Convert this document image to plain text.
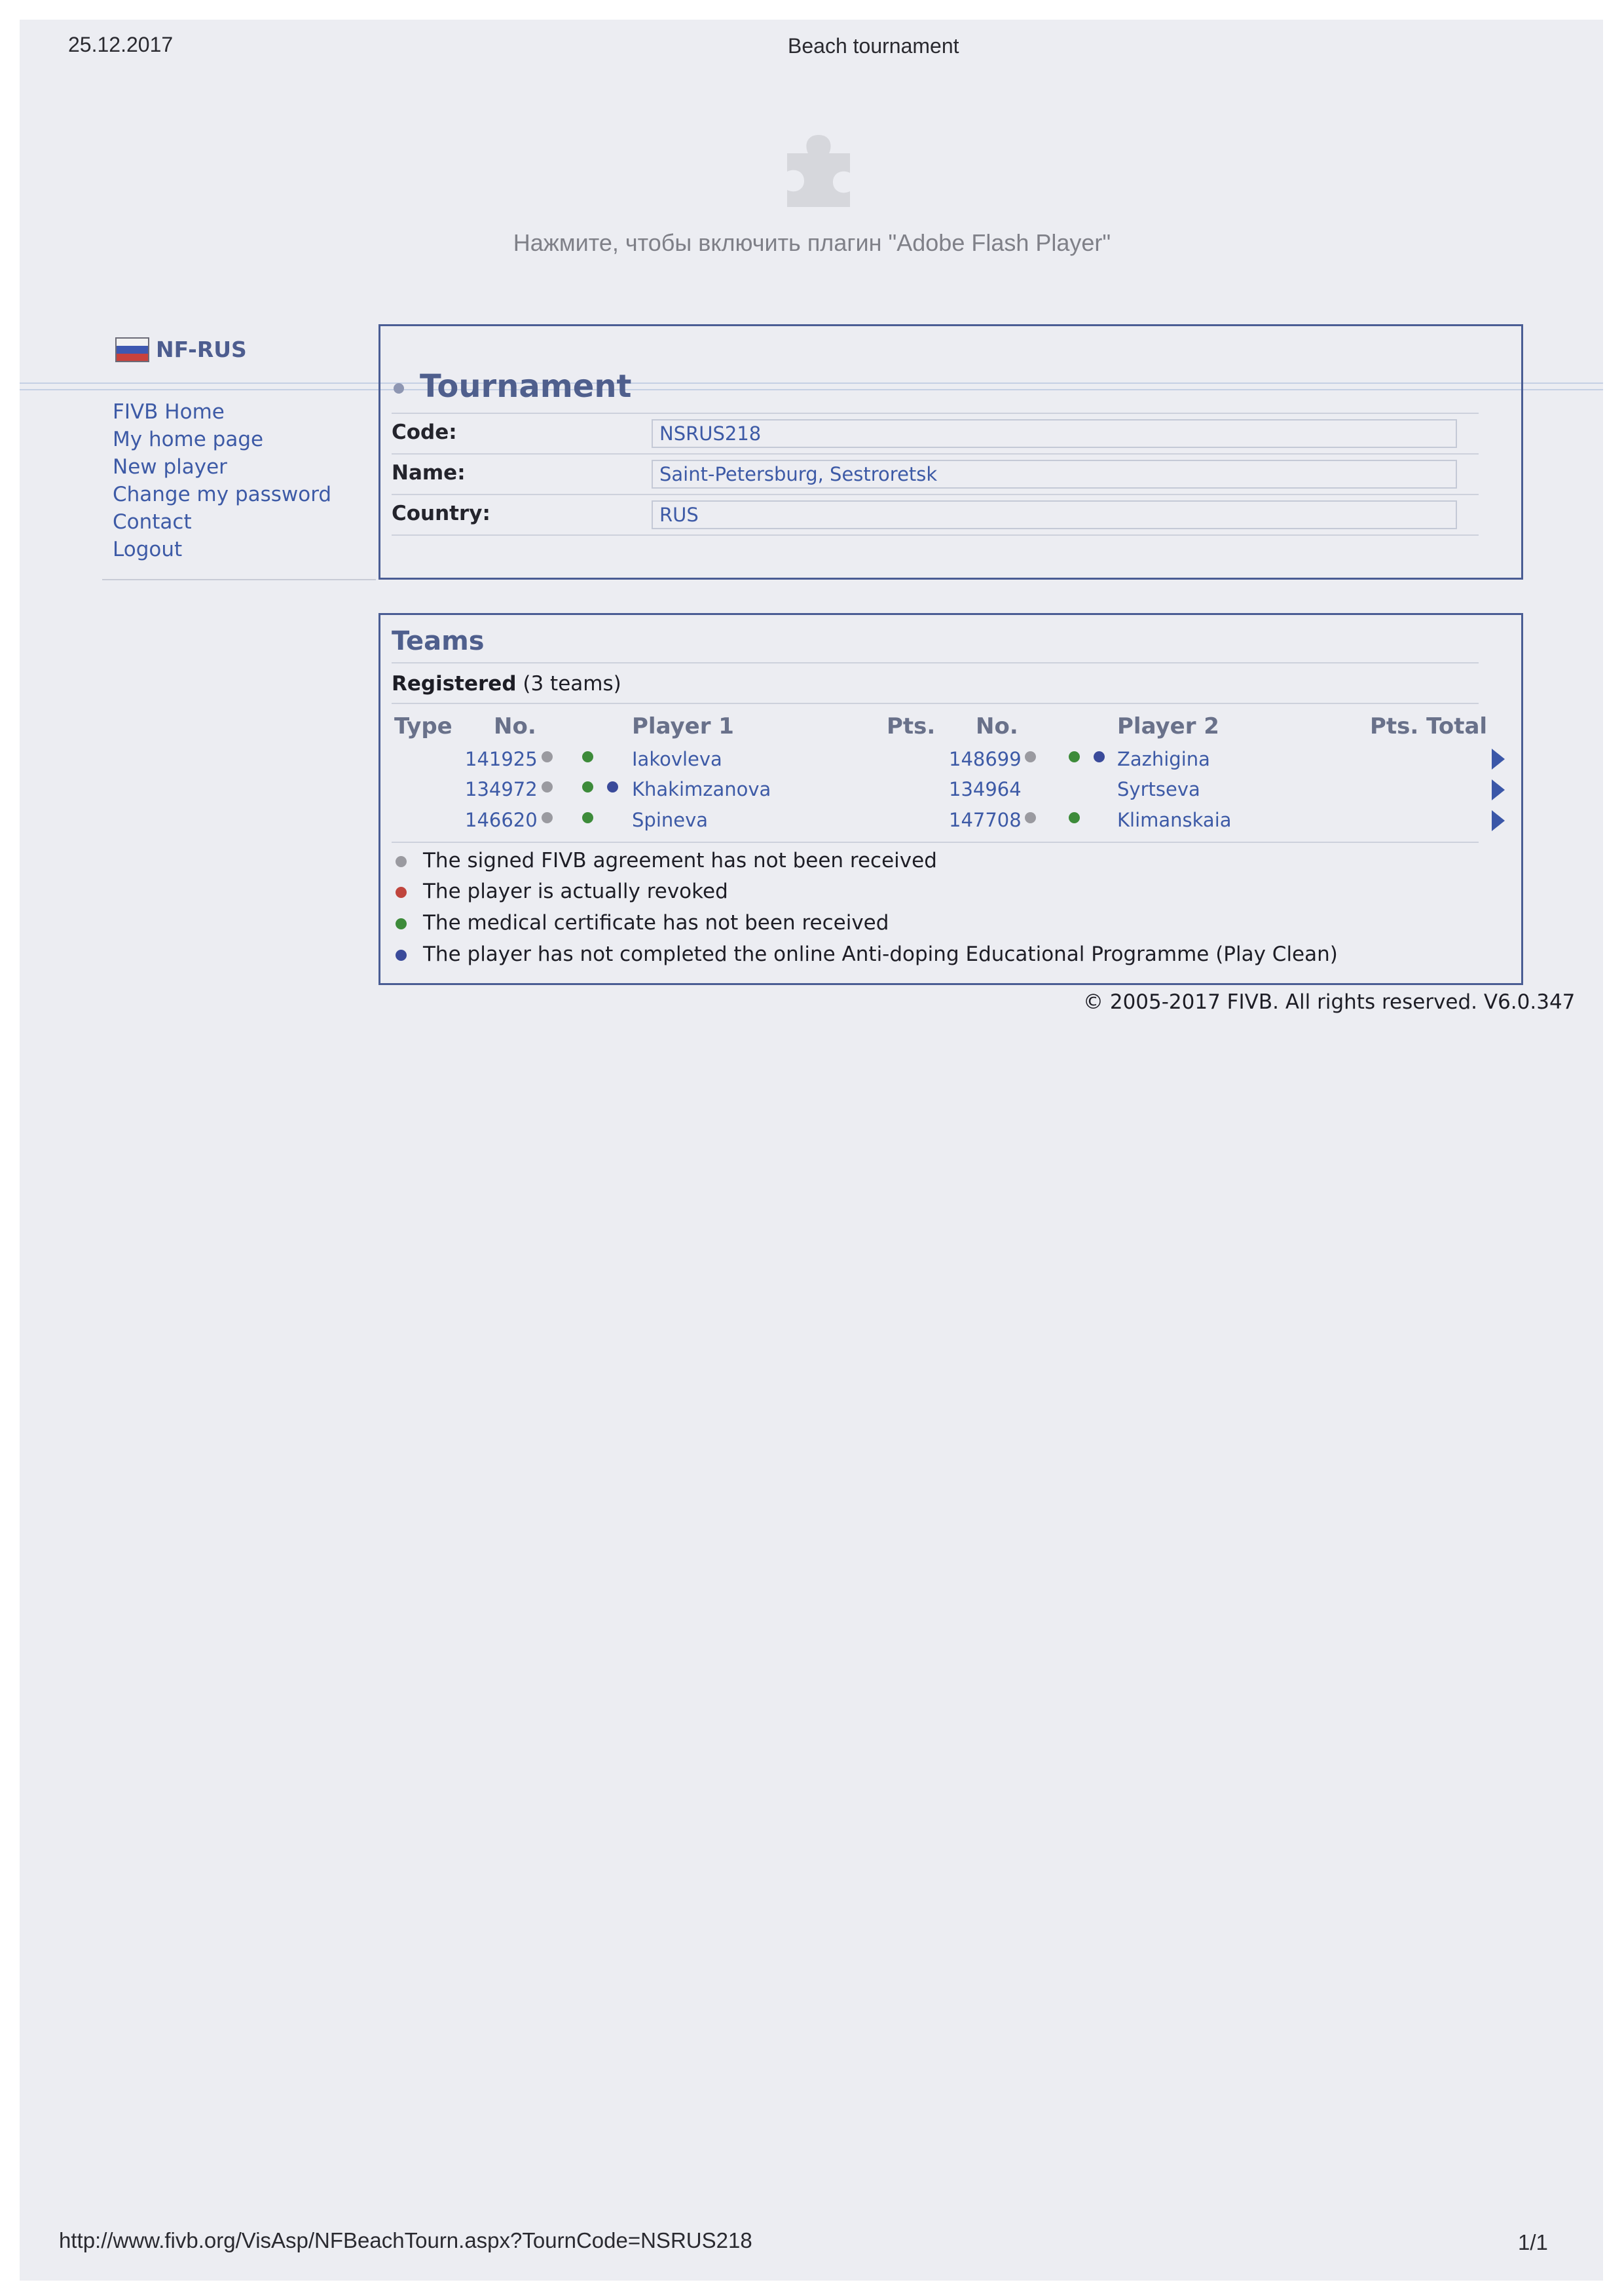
25.12.2017	Beach tournament
Нажмите, чтобы включить плагин "Adobe Flash Player"
NF-RUS
FIVB Home
My home page
New player
Change my password
Contact
Logout
Tournament
Code:	NSRUS218
Name:	Saint-Petersburg, Sestroretsk
Country:	RUS
Teams
Registered (3 teams)
Type No.	Player 1	Pts. No.	Player 2	Pts. Total
141925	Iakovleva	148699	Zazhigina
134972	Khakimzanova	134964	Syrtseva
146620	Spineva	147708	Klimanskaia
The signed FIVB agreement has not been received
The player is actually revoked
The medical certificate has not been received
The player has not completed the online Anti-doping Educational Programme (Play Clean)
© 2005-2017 FIVB. All rights reserved. V6.0.347
http://www.fivb.org/VisAsp/NFBeachTourn.aspx?TournCode=NSRUS218	1/1
